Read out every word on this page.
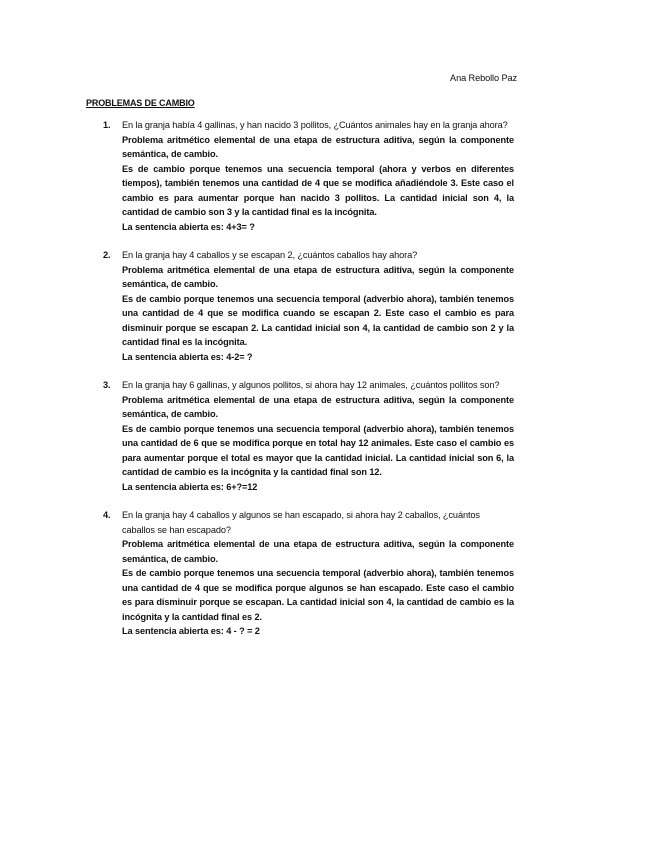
Ana Rebollo Paz
PROBLEMAS DE CAMBIO
1. En la granja había 4 gallinas, y han nacido 3 pollitos, ¿Cuántos animales hay en la granja ahora?

Problema aritmético elemental de una etapa de estructura aditiva, según la componente semántica, de cambio.

Es de cambio porque tenemos una secuencia temporal (ahora y verbos en diferentes tiempos), también tenemos una cantidad de 4 que se modifica añadiéndole 3. Este caso el cambio es para aumentar porque han nacido 3 pollitos. La cantidad inicial son 4, la cantidad de cambio son 3 y la cantidad final es la incógnita.

La sentencia abierta es: 4+3= ?

2. En la granja hay 4 caballos y se escapan 2, ¿cuántos caballos hay ahora?

Problema aritmética elemental de una etapa de estructura aditiva, según la componente semántica, de cambio.

Es de cambio porque tenemos una secuencia temporal (adverbio ahora), también tenemos una cantidad de 4 que se modifica cuando se escapan 2. Este caso el cambio es para disminuir porque se escapan 2. La cantidad inicial son 4, la cantidad de cambio son 2 y la cantidad final es la incógnita.

La sentencia abierta es: 4-2= ?

3. En la granja hay 6 gallinas, y algunos pollitos, si ahora hay 12 animales, ¿cuántos pollitos son?

Problema aritmética elemental de una etapa de estructura aditiva, según la componente semántica, de cambio.

Es de cambio porque tenemos una secuencia temporal (adverbio ahora), también tenemos una cantidad de 6 que se modifica porque en total hay 12 animales. Este caso el cambio es para aumentar porque el total es mayor que la cantidad inicial. La cantidad inicial son 6, la cantidad de cambio es la incógnita y la cantidad final son 12.

La sentencia abierta es: 6+?=12

4. En la granja hay 4 caballos y algunos se han escapado, si ahora hay 2 caballos, ¿cuántos caballos se han escapado?

Problema aritmética elemental de una etapa de estructura aditiva, según la componente semántica, de cambio.

Es de cambio porque tenemos una secuencia temporal (adverbio ahora), también tenemos una cantidad de 4 que se modifica porque algunos se han escapado. Este caso el cambio es para disminuir porque se escapan. La cantidad inicial son 4, la cantidad de cambio es la incógnita y la cantidad final es 2.

La sentencia abierta es: 4 - ? = 2
